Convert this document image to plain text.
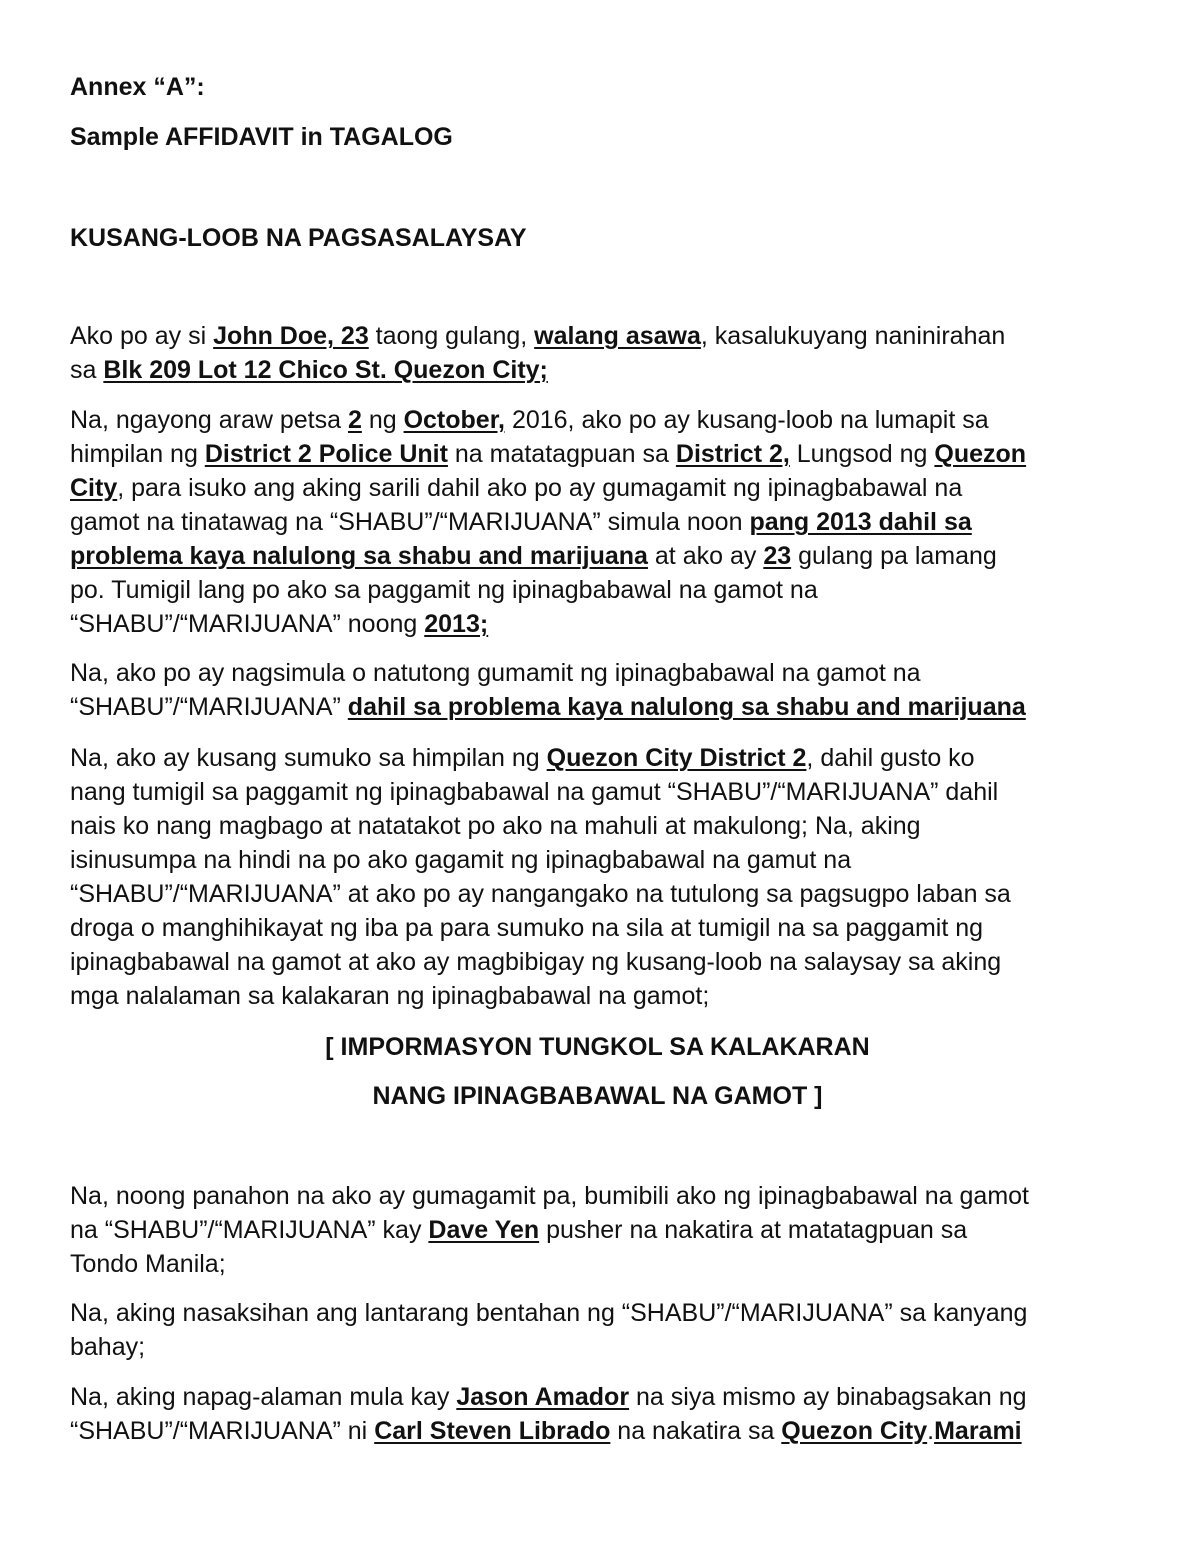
Annex “A”:

Sample AFFIDAVIT in TAGALOG

KUSANG-LOOB NA PAGSASALAYSAY

Ako po ay si John Doe, 23 taong gulang, walang asawa, kasalukuyang naninirahan
sa Blk 209 Lot 12 Chico St. Quezon City;
Na, ngayong araw petsa 2 ng October, 2016, ako po ay kusang-loob na lumapit sa
himpilan ng District 2 Police Unit na matatagpuan sa District 2, Lungsod ng Quezon
City, para isuko ang aking sarili dahil ako po ay gumagamit ng ipinagbabawal na
gamot na tinatawag na “SHABU”/“MARIJUANA” simula noon pang 2013 dahil sa
problema kaya nalulong sa shabu and marijuana at ako ay 23 gulang pa lamang
po. Tumigil lang po ako sa paggamit ng ipinagbabawal na gamot na
“SHABU”/“MARIJUANA” noong 2013;
Na, ako po ay nagsimula o natutong gumamit ng ipinagbabawal na gamot na
“SHABU”/“MARIJUANA” dahil sa problema kaya nalulong sa shabu and marijuana
Na, ako ay kusang sumuko sa himpilan ng Quezon City District 2, dahil gusto ko
nang tumigil sa paggamit ng ipinagbabawal na gamut “SHABU”/“MARIJUANA” dahil
nais ko nang magbago at natatakot po ako na mahuli at makulong; Na, aking
isinusumpa na hindi na po ako gagamit ng ipinagbabawal na gamut na
“SHABU”/“MARIJUANA” at ako po ay nangangako na tutulong sa pagsugpo laban sa
droga o manghihikayat ng iba pa para sumuko na sila at tumigil na sa paggamit ng
ipinagbabawal na gamot at ako ay magbibigay ng kusang-loob na salaysay sa aking
mga nalalaman sa kalakaran ng ipinagbabawal na gamot;

[ IMPORMASYON TUNGKOL SA KALAKARAN

NANG IPINAGBABAWAL NA GAMOT ]

Na, noong panahon na ako ay gumagamit pa, bumibili ako ng ipinagbabawal na gamot
na “SHABU”/“MARIJUANA” kay Dave Yen pusher na nakatira at matatagpuan sa
Tondo Manila;
Na, aking nasaksihan ang lantarang bentahan ng “SHABU”/“MARIJUANA” sa kanyang
bahay;
Na, aking napag-alaman mula kay Jason Amador na siya mismo ay binabagsakan ng
“SHABU”/“MARIJUANA” ni Carl Steven Librado na nakatira sa Quezon City.Marami
